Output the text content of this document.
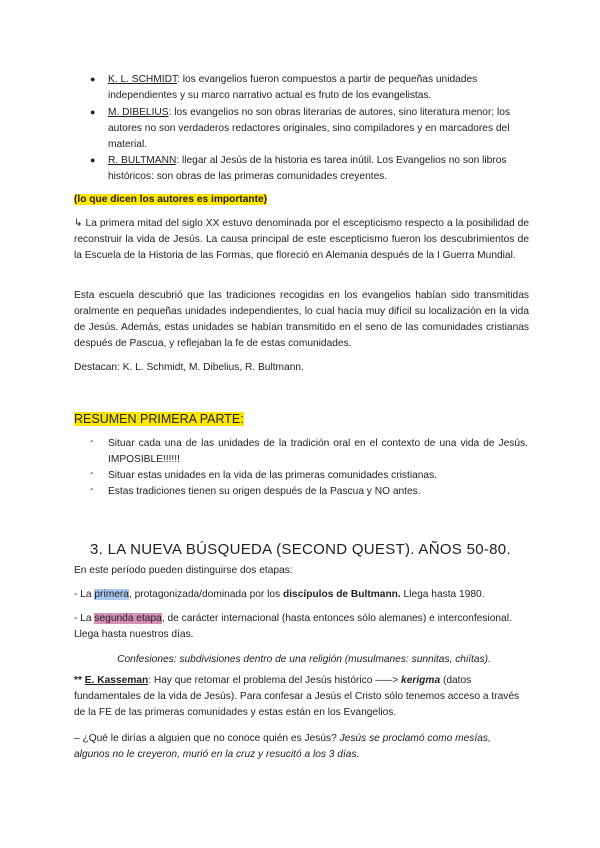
● K. L. SCHMIDT: los evangelios fueron compuestos a partir de pequeñas unidades independientes y su marco narrativo actual es fruto de los evangelistas.
● M. DIBELIUS: los evangelios no son obras literarias de autores, sino literatura menor; los autores no son verdaderos redactores originales, sino compiladores y en marcadores del material.
● R. BULTMANN: llegar al Jesús de la historia es tarea inútil. Los Evangelios no son libros históricos: son obras de las primeras comunidades creyentes.
(lo que dicen los autores es importante)
↳ La primera mitad del siglo XX estuvo denominada por el escepticismo respecto a la posibilidad de reconstruir la vida de Jesús. La causa principal de este escepticismo fueron los descubrimientos de la Escuela de la Historia de las Formas, que floreció en Alemania después de la I Guerra Mundial.
Esta escuela descubrió que las tradiciones recogidas en los evangelios habían sido transmitidas oralmente en pequeñas unidades independientes, lo cual hacía muy difícil su localización en la vida de Jesús. Además, estas unidades se habían transmitido en el seno de las comunidades cristianas después de Pascua, y reflejaban la fe de estas comunidades.
Destacan: K. L. Schmidt, M. Dibelius, R. Bultmann.
RESUMEN PRIMERA PARTE:
- Situar cada una de las unidades de la tradición oral en el contexto de una vida de Jesús. IMPOSIBLE!!!!!!
- Situar estas unidades en la vida de las primeras comunidades cristianas.
- Estas tradiciones tienen su origen después de la Pascua y NO antes.
3. LA NUEVA BÚSQUEDA (SECOND QUEST). AÑOS 50-80.
En este período pueden distinguirse dos etapas:
- La primera, protagonizada/dominada por los discípulos de Bultmann. Llega hasta 1980.
- La segunda etapa, de carácter internacional (hasta entonces sólo alemanes) e interconfesional. Llega hasta nuestros días.
Confesiones: subdivisiones dentro de una religión (musulmanes: sunnitas, chiítas).
** E. Kasseman: Hay que retomar el problema del Jesús histórico –––> kerigma (datos fundamentales de la vida de Jesús). Para confesar a Jesús el Cristo sólo tenemos acceso a través de la FE de las primeras comunidades y estas están en los Evangelios.
– ¿Qué le dirías a alguien que no conoce quién es Jesús? Jesús se proclamó como mesías, algunos no le creyeron, murió en la cruz y resucitó a los 3 días.
